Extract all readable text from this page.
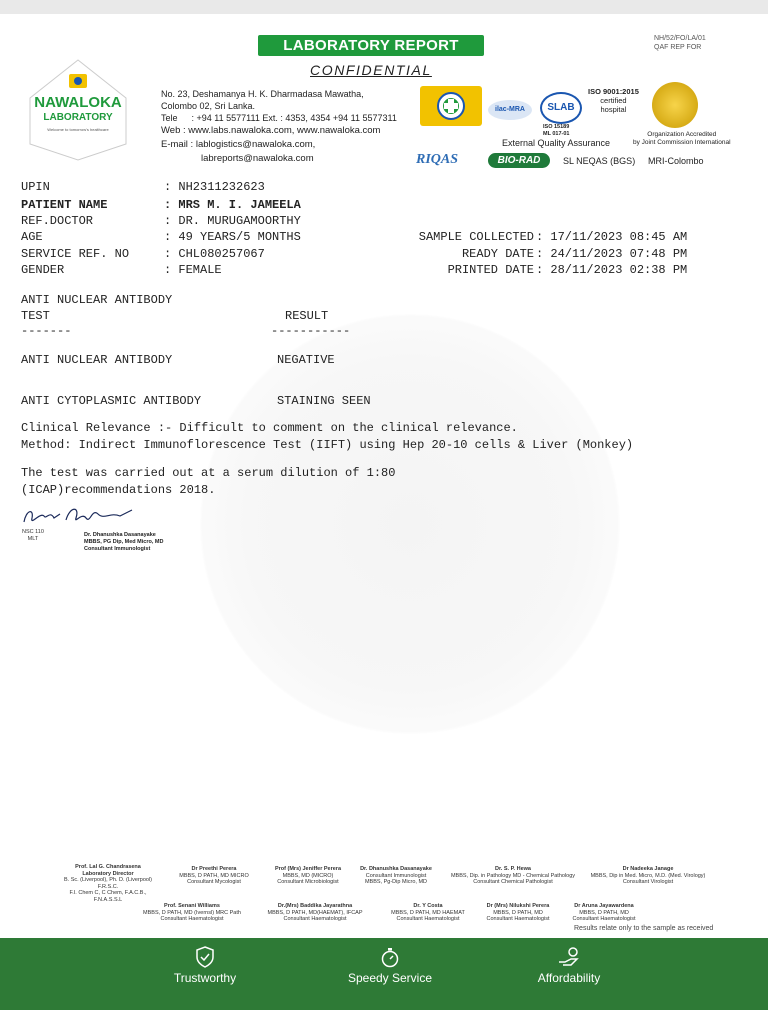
LABORATORY REPORT
CONFIDENTIAL
NH/52/FO/LA/01
QAF REP FOR
NAWALOKA
LABORATORY
Welcome to tomorrow's healthcare
No. 23, Deshamanya H. K. Dharmadasa Mawatha,
Colombo 02, Sri Lanka.
Tele : +94 11 5577111 Ext. : 4353, 4354 +94 11 5577311
Web : www.labs.nawaloka.com, www.nawaloka.com
E-mail : lablogistics@nawaloka.com,
labreports@nawaloka.com
ilac-MRA	SLAB
ISO 15189
ML 017-01
ISO 9001:2015
certified
hospital
External Quality Assurance
Organization Accredited
by Joint Commission International
RIQAS	BIO-RAD	SL NEQAS (BGS) MRI-Colombo
UPIN	: NH2311232623
PATIENT NAME	: MRS M. I. JAMEELA
REF.DOCTOR	: DR. MURUGAMOORTHY
AGE	: 49 YEARS/5 MONTHS
SERVICE REF. NO	: CHL080257067
GENDER	: FEMALE
SAMPLE COLLECTED : 17/11/2023 08:45 AM
READY DATE : 24/11/2023 07:48 PM
PRINTED DATE : 28/11/2023 02:38 PM
ANTI NUCLEAR ANTIBODY
TEST	RESULT
-------	-----------
ANTI NUCLEAR ANTIBODY	NEGATIVE
ANTI CYTOPLASMIC ANTIBODY	STAINING SEEN
Clinical Relevance :- Difficult to comment on the clinical relevance.
Method: Indirect Immunoflorescence Test (IIFT) using Hep 20-10 cells & Liver (Monkey)
The test was carried out at a serum dilution of 1:80
(ICAP)recommendations 2018.
NSC 110
MLT
Dr. Dhanushka Dasanayake
MBBS, PG Dip, Med Micro, MD
Consultant Immunologist
Prof. Lal G. Chandrasena
Laboratory Director
B. Sc. (Liverpool), Ph. D. (Liverpool) F.R.S.C.
F.I. Chem C, C Chem, F.A.C.B., F.N.A.S.S.L
Dr Preethi Perera
MBBS, D PATH, MD MICRO
Consultant Mycologist
Prof (Mrs) Jeniffer Perera
MBBS, MD (MICRO)
Consultant Microbiologist
Dr. Dhanushka Dasanayake
Consultant Immunologist
MBBS, Pg-Dip Micro, MD
Dr. S. P. Hewa
MBBS, Dip. in Pathology MD - Chemical Pathology
Consultant Chemical Pathologist
Dr Nadeeka Janage
MBBS, Dip in Med. Micro, M.D. (Med. Virology)
Consultant Virologist
Prof. Senani Williams
MBBS, D PATH, MD (Ivernsl) MRC Path
Consultant Haematologist
Dr.(Mrs) Baddika Jayarathna
MBBS, D PATH, MD(HAEMAT), IFCAP
Consultant Haematologist
Dr. Y Costa
MBBS, D PATH, MD HAEMAT
Consultant Haematologist
Dr (Mrs) Nilukshi Perera
MBBS, D PATH, MD
Consultant Haematologist
Dr Aruna Jayawardena
MBBS, D PATH, MD
Consultant Haematologist
Results relate only to the sample as received
Trustworthy	Speedy Service	Affordability
